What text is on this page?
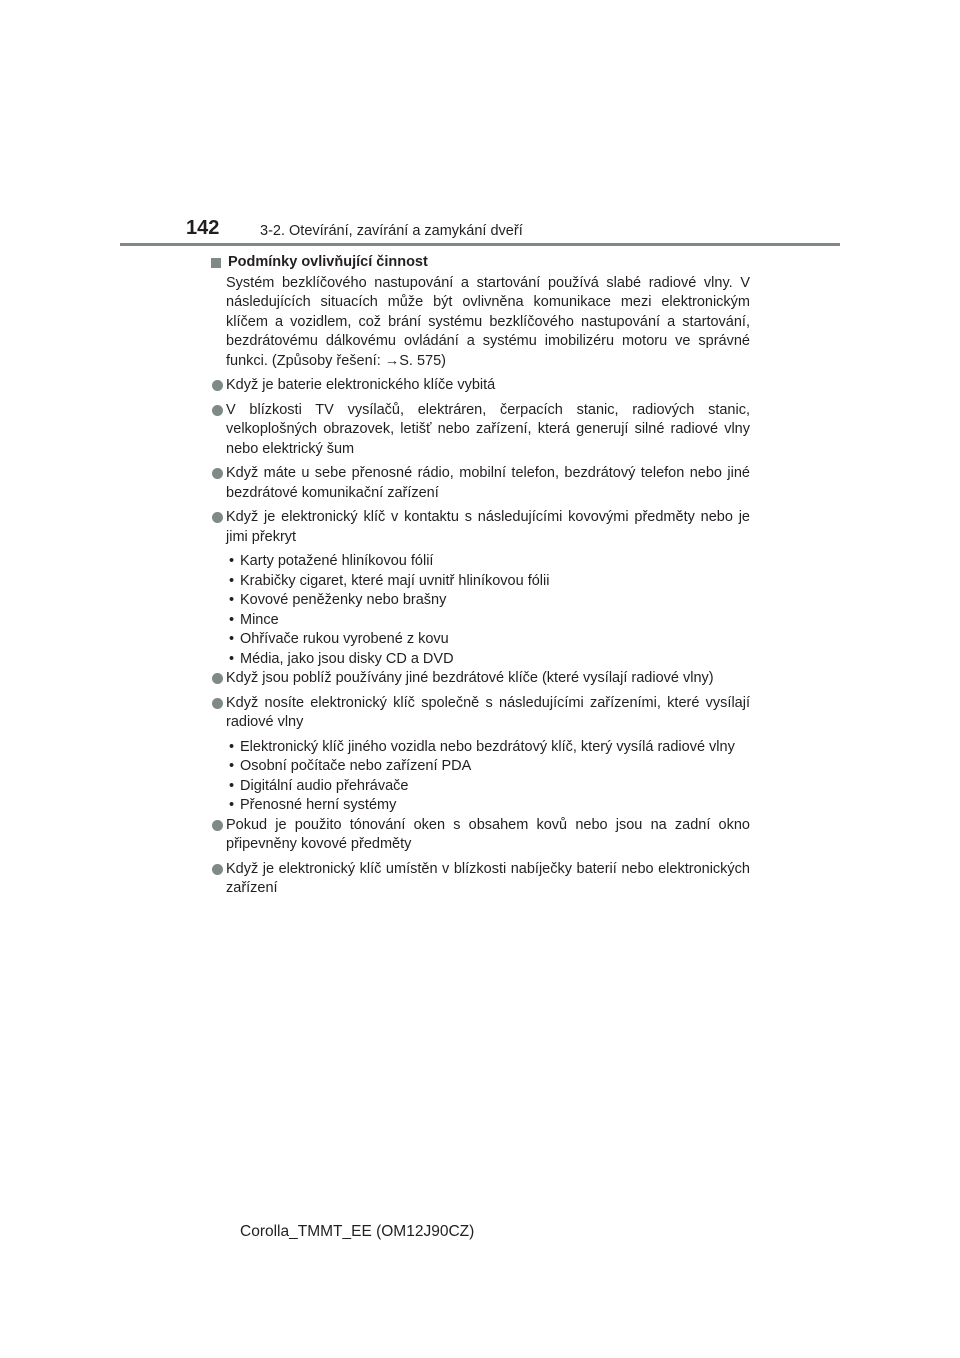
142	3-2. Otevírání, zavírání a zamykání dveří
Podmínky ovlivňující činnost
Systém bezklíčového nastupování a startování používá slabé radiové vlny. V následujících situacích může být ovlivněna komunikace mezi elektronickým klíčem a vozidlem, což brání systému bezklíčového nastupování a startování, bezdrátovému dálkovému ovládání a systému imobilizéru motoru ve správné funkci. (Způsoby řešení: →S. 575)
Když je baterie elektronického klíče vybitá
V blízkosti TV vysílačů, elektráren, čerpacích stanic, radiových stanic, velkoplošných obrazovek, letišť nebo zařízení, která generují silné radiové vlny nebo elektrický šum
Když máte u sebe přenosné rádio, mobilní telefon, bezdrátový telefon nebo jiné bezdrátové komunikační zařízení
Když je elektronický klíč v kontaktu s následujícími kovovými předměty nebo je jimi překryt
• Karty potažené hliníkovou fólií
• Krabičky cigaret, které mají uvnitř hliníkovou fólii
• Kovové peněženky nebo brašny
• Mince
• Ohřívače rukou vyrobené z kovu
• Média, jako jsou disky CD a DVD
Když jsou poblíž používány jiné bezdrátové klíče (které vysílají radiové vlny)
Když nosíte elektronický klíč společně s následujícími zařízeními, které vysílají radiové vlny
• Elektronický klíč jiného vozidla nebo bezdrátový klíč, který vysílá radiové vlny
• Osobní počítače nebo zařízení PDA
• Digitální audio přehrávače
• Přenosné herní systémy
Pokud je použito tónování oken s obsahem kovů nebo jsou na zadní okno připevněny kovové předměty
Když je elektronický klíč umístěn v blízkosti nabíječky baterií nebo elektronických zařízení
Corolla_TMMT_EE (OM12J90CZ)
